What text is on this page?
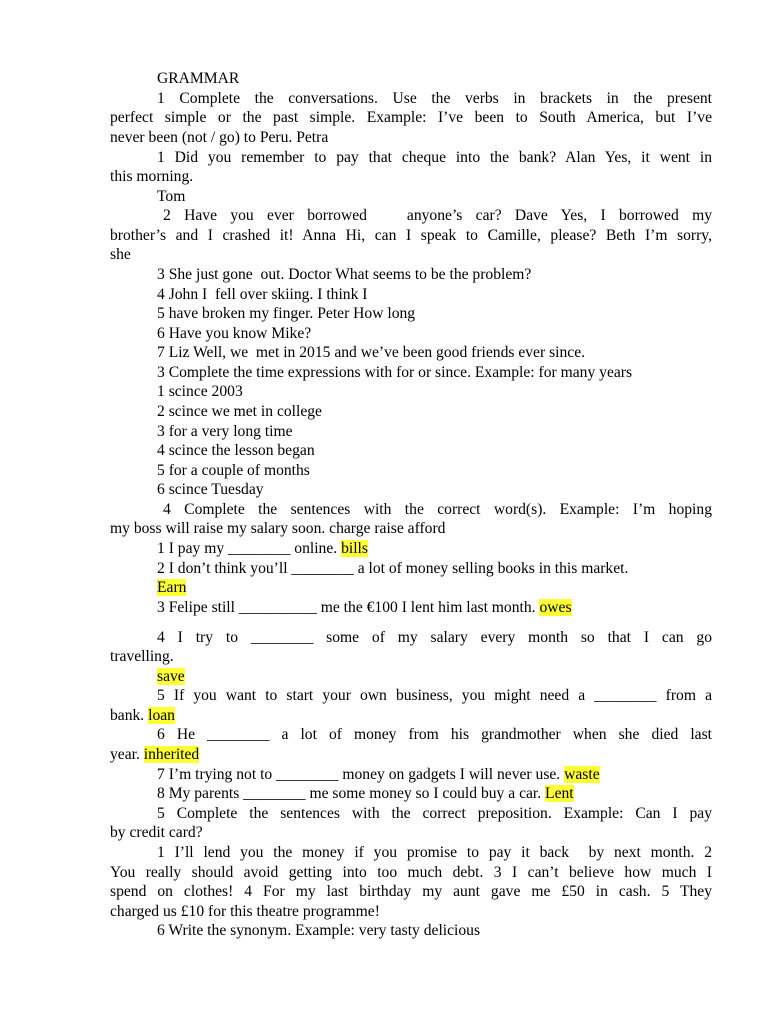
GRAMMAR
1 Complete the conversations. Use the verbs in brackets in the present
perfect simple or the past simple. Example: I’ve been to South America, but I’ve
never been (not / go) to Peru. Petra
1 Did you remember to pay that cheque into the bank? Alan Yes, it went in
this morning.
Tom
2 Have you ever borrowed   anyone’s car? Dave Yes, I borrowed my
brother’s and I crashed it! Anna Hi, can I speak to Camille, please? Beth I’m sorry,
she
3 She just gone  out. Doctor What seems to be the problem?
4 John I  fell over skiing. I think I
5 have broken my finger. Peter How long
6 Have you know Mike?
7 Liz Well, we  met in 2015 and we’ve been good friends ever since.
3 Complete the time expressions with for or since. Example: for many years
1 scince 2003
2 scince we met in college
3 for a very long time
4 scince the lesson began
5 for a couple of months
6 scince Tuesday
4 Complete the sentences with the correct word(s). Example: I’m hoping
my boss will raise my salary soon. charge raise afford
1 I pay my ________ online. bills
2 I don’t think you’ll ________ a lot of money selling books in this market.
Earn
3 Felipe still __________ me the €100 I lent him last month. owes
4 I try to ________ some of my salary every month so that I can go
travelling.
save
5 If you want to start your own business, you might need a ________ from a
bank. loan
6 He ________ a lot of money from his grandmother when she died last
year. inherited
7 I’m trying not to ________ money on gadgets I will never use. waste
8 My parents ________ me some money so I could buy a car. Lent
5 Complete the sentences with the correct preposition. Example: Can I pay
by credit card?
1 I’ll lend you the money if you promise to pay it back  by next month. 2
You really should avoid getting into too much debt. 3 I can’t believe how much I
spend on clothes! 4 For my last birthday my aunt gave me £50 in cash. 5 They
charged us £10 for this theatre programme!
6 Write the synonym. Example: very tasty delicious
